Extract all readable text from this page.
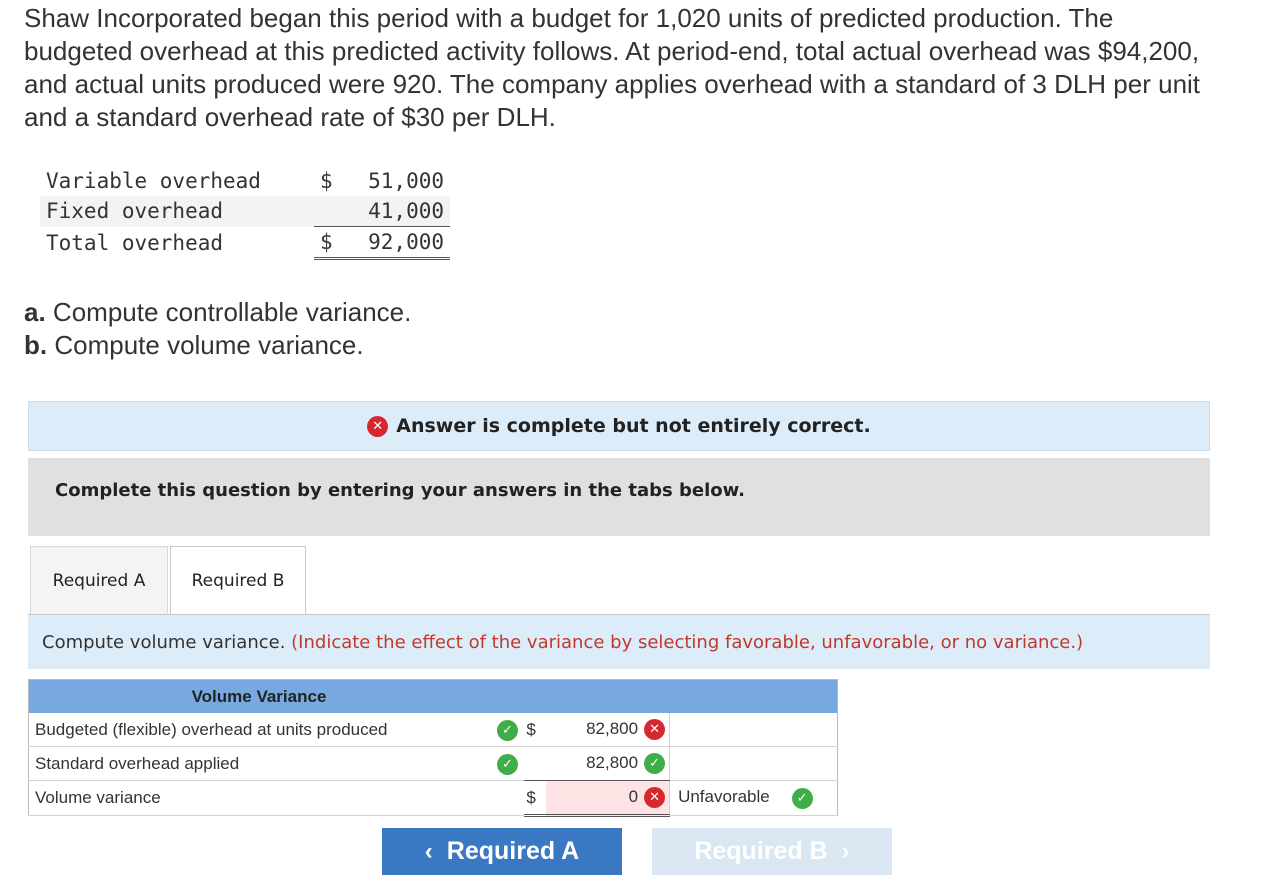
Shaw Incorporated began this period with a budget for 1,020 units of predicted production. The budgeted overhead at this predicted activity follows. At period-end, total actual overhead was $94,200, and actual units produced were 920. The company applies overhead with a standard of 3 DLH per unit and a standard overhead rate of $30 per DLH.

Variable overhead	$ 51,000
Fixed overhead	41,000
Total overhead	$ 92,000
a. Compute controllable variance.
b. Compute volume variance.
✕ Answer is complete but not entirely correct.
Complete this question by entering your answers in the tabs below.
Required A	Required B
Compute volume variance. (Indicate the effect of the variance by selecting favorable, unfavorable, or no variance.)
Volume Variance				
Budgeted (flexible) overhead at units produced	✓	$	82,800 ✕	
Standard overhead applied	✓		82,800 ✓	
Volume variance		$	0 ✕	Unfavorable ✓
‹ Required A	Required B ›
